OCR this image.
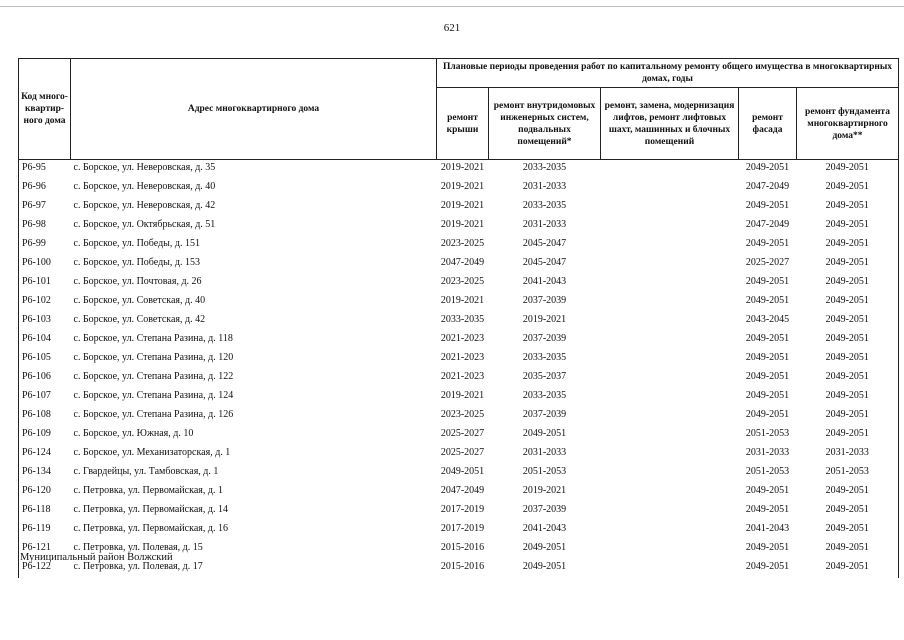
621
Код много-квартир-ного дома	Адрес многоквартирного дома	Плановые периоды проведения работ по капитальному ремонту общего имущества в многоквартирных домах, годы				
		ремонт крыши	ремонт внутридомовых инженерных систем, подвальных помещений*	ремонт, замена, модернизация лифтов, ремонт лифтовых шахт, машинных и блочных помещений	ремонт фасада	ремонт фундамента многоквартирного дома**
Р6-95	с. Борское, ул. Неверовская, д. 35	2019-2021	2033-2035		2049-2051	2049-2051
Р6-96	с. Борское, ул. Неверовская, д. 40	2019-2021	2031-2033		2047-2049	2049-2051
Р6-97	с. Борское, ул. Неверовская, д. 42	2019-2021	2033-2035		2049-2051	2049-2051
Р6-98	с. Борское, ул. Октябрьская, д. 51	2019-2021	2031-2033		2047-2049	2049-2051
Р6-99	с. Борское, ул. Победы, д. 151	2023-2025	2045-2047		2049-2051	2049-2051
Р6-100	с. Борское, ул. Победы, д. 153	2047-2049	2045-2047		2025-2027	2049-2051
Р6-101	с. Борское, ул. Почтовая, д. 26	2023-2025	2041-2043		2049-2051	2049-2051
Р6-102	с. Борское, ул. Советская, д. 40	2019-2021	2037-2039		2049-2051	2049-2051
Р6-103	с. Борское, ул. Советская, д. 42	2033-2035	2019-2021		2043-2045	2049-2051
Р6-104	с. Борское, ул. Степана Разина, д. 118	2021-2023	2037-2039		2049-2051	2049-2051
Р6-105	с. Борское, ул. Степана Разина, д. 120	2021-2023	2033-2035		2049-2051	2049-2051
Р6-106	с. Борское, ул. Степана Разина, д. 122	2021-2023	2035-2037		2049-2051	2049-2051
Р6-107	с. Борское, ул. Степана Разина, д. 124	2019-2021	2033-2035		2049-2051	2049-2051
Р6-108	с. Борское, ул. Степана Разина, д. 126	2023-2025	2037-2039		2049-2051	2049-2051
Р6-109	с. Борское, ул. Южная, д. 10	2025-2027	2049-2051		2051-2053	2049-2051
Р6-124	с. Борское, ул. Механизаторская, д. 1	2025-2027	2031-2033		2031-2033	2031-2033
Р6-134	с. Гвардейцы, ул. Тамбовская, д. 1	2049-2051	2051-2053		2051-2053	2051-2053
Р6-120	с. Петровка, ул. Первомайская, д. 1	2047-2049	2019-2021		2049-2051	2049-2051
Р6-118	с. Петровка, ул. Первомайская, д. 14	2017-2019	2037-2039		2049-2051	2049-2051
Р6-119	с. Петровка, ул. Первомайская, д. 16	2017-2019	2041-2043		2041-2043	2049-2051
Р6-121	с. Петровка, ул. Полевая, д. 15	2015-2016	2049-2051		2049-2051	2049-2051
Р6-122	с. Петровка, ул. Полевая, д. 17	2015-2016	2049-2051		2049-2051	2049-2051
Муниципальный район Волжский
